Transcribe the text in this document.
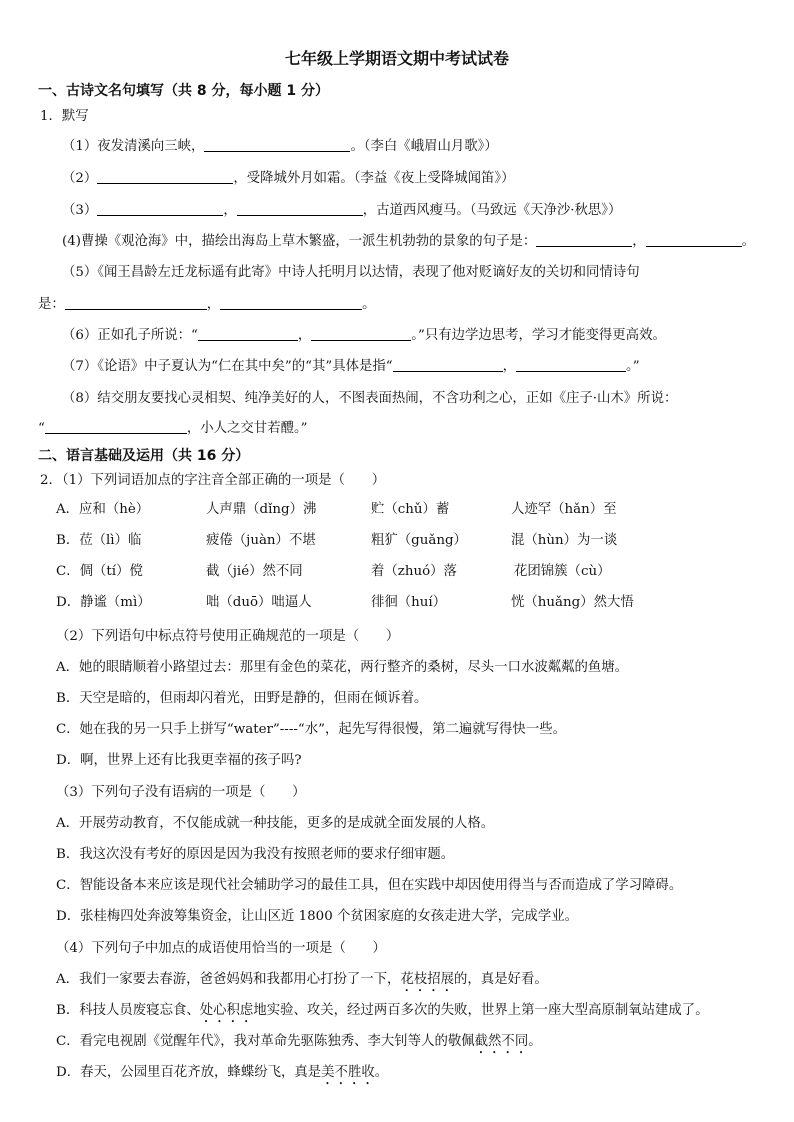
七年级上学期语文期中考试试卷
一、古诗文名句填写（共 8 分，每小题 1 分）
1．默写
（1）夜发清溪向三峡，	。（李白《峨眉山月歌》）
（2）	，受降城外月如霜。（李益《夜上受降城闻笛》）
（3）	，	，古道西风瘦马。（马致远《天净沙·秋思》）
(4)曹操《观沧海》中，描绘出海岛上草木繁盛，一派生机勃勃的景象的句子是：	，	。
（5）《闻王昌龄左迁龙标遥有此寄》中诗人托明月以达情，表现了他对贬谪好友的关切和同情诗句
是：	，	。
（6）正如孔子所说：“	，	。”只有边学边思考，学习才能变得更高效。
（7）《论语》中子夏认为“仁在其中矣”的“其”具体是指“	，	。”
（8）结交朋友要找心灵相契、纯净美好的人，不图表面热闹，不含功利之心，正如《庄子·山木》所说：
“	，小人之交甘若醴。”
二、语言基础及运用（共 16 分）
2．（1）下列词语加点的字注音全部正确的一项是（　　）
A．应和（hè）	人声鼎（dǐng）沸	贮（chǔ）蓄	人迹罕（hǎn）至
B．莅（lì）临	疲倦（juàn）不堪	粗犷（guǎng）	混（hùn）为一谈
C．倜（tí）傥	截（jié）然不同	着（zhuó）落	花团锦簇（cù）
D．静谧（mì）	咄（duō）咄逼人	徘徊（huí）	恍（huǎng）然大悟
（2）下列语句中标点符号使用正确规范的一项是（　　）
A．她的眼睛顺着小路望过去：那里有金色的菜花，两行整齐的桑树，尽头一口水波粼粼的鱼塘。
B．天空是暗的，但雨却闪着光，田野是静的，但雨在倾诉着。
C．她在我的另一只手上拼写“water”----“水”，起先写得很慢，第二遍就写得快一些。
D．啊，世界上还有比我更幸福的孩子吗?
（3）下列句子没有语病的一项是（　　）
A．开展劳动教育，不仅能成就一种技能，更多的是成就全面发展的人格。
B．我这次没有考好的原因是因为我没有按照老师的要求仔细审题。
C．智能设备本来应该是现代社会辅助学习的最佳工具，但在实践中却因使用得当与否而造成了学习障碍。
D．张桂梅四处奔波筹集资金，让山区近 1800 个贫困家庭的女孩走进大学，完成学业。
（4）下列句子中加点的成语使用恰当的一项是（　　）
A．我们一家要去春游，爸爸妈妈和我都用心打扮了一下，花枝招展的，真是好看。
B．科技人员废寝忘食、处心积虑地实验、攻关，经过两百多次的失败，世界上第一座大型高原制氧站建成了。
C．看完电视剧《觉醒年代》，我对革命先驱陈独秀、李大钊等人的敬佩截然不同。
D．春天，公园里百花齐放，蜂蝶纷飞，真是美不胜收。
